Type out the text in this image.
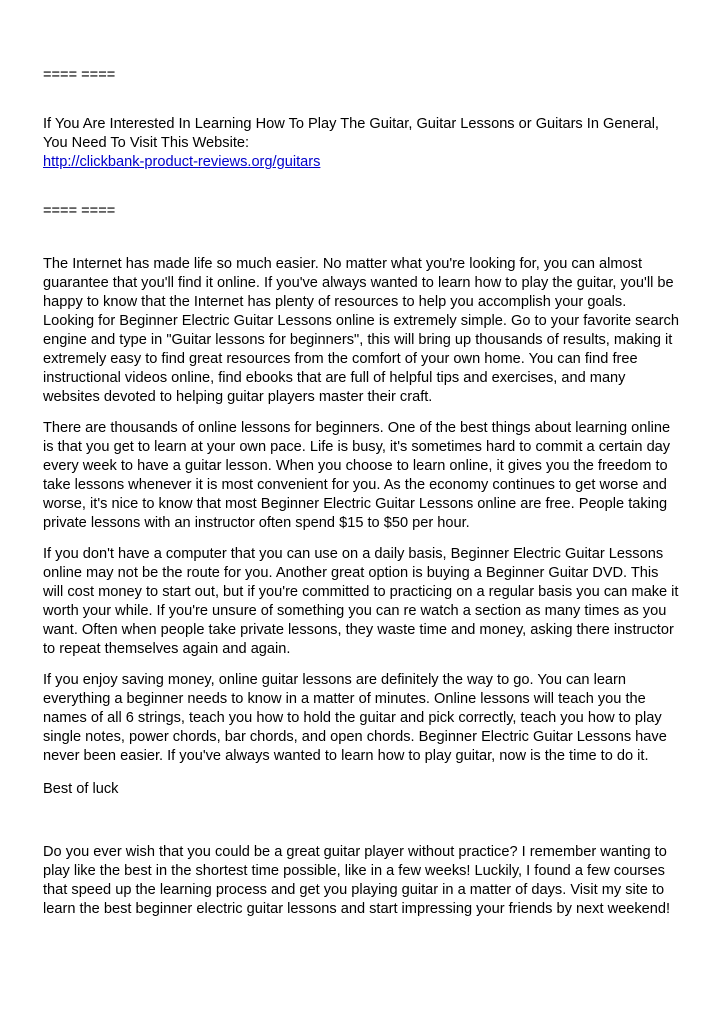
==== ====
If You Are Interested In Learning How To Play The Guitar, Guitar Lessons or Guitars In General,
You Need To Visit This Website:
http://clickbank-product-reviews.org/guitars
==== ====

The Internet has made life so much easier. No matter what you're looking for, you can almost
guarantee that you'll find it online. If you've always wanted to learn how to play the guitar, you'll be
happy to know that the Internet has plenty of resources to help you accomplish your goals.
Looking for Beginner Electric Guitar Lessons online is extremely simple. Go to your favorite search
engine and type in "Guitar lessons for beginners", this will bring up thousands of results, making it
extremely easy to find great resources from the comfort of your own home. You can find free
instructional videos online, find ebooks that are full of helpful tips and exercises, and many
websites devoted to helping guitar players master their craft.

There are thousands of online lessons for beginners. One of the best things about learning online
is that you get to learn at your own pace. Life is busy, it's sometimes hard to commit a certain day
every week to have a guitar lesson. When you choose to learn online, it gives you the freedom to
take lessons whenever it is most convenient for you. As the economy continues to get worse and
worse, it's nice to know that most Beginner Electric Guitar Lessons online are free. People taking
private lessons with an instructor often spend $15 to $50 per hour.

If you don't have a computer that you can use on a daily basis, Beginner Electric Guitar Lessons
online may not be the route for you. Another great option is buying a Beginner Guitar DVD. This
will cost money to start out, but if you're committed to practicing on a regular basis you can make it
worth your while. If you're unsure of something you can re watch a section as many times as you
want. Often when people take private lessons, they waste time and money, asking there instructor
to repeat themselves again and again.

If you enjoy saving money, online guitar lessons are definitely the way to go. You can learn
everything a beginner needs to know in a matter of minutes. Online lessons will teach you the
names of all 6 strings, teach you how to hold the guitar and pick correctly, teach you how to play
single notes, power chords, bar chords, and open chords. Beginner Electric Guitar Lessons have
never been easier. If you've always wanted to learn how to play guitar, now is the time to do it.

Best of luck

Do you ever wish that you could be a great guitar player without practice? I remember wanting to
play like the best in the shortest time possible, like in a few weeks! Luckily, I found a few courses
that speed up the learning process and get you playing guitar in a matter of days. Visit my site to
learn the best beginner electric guitar lessons and start impressing your friends by next weekend!
